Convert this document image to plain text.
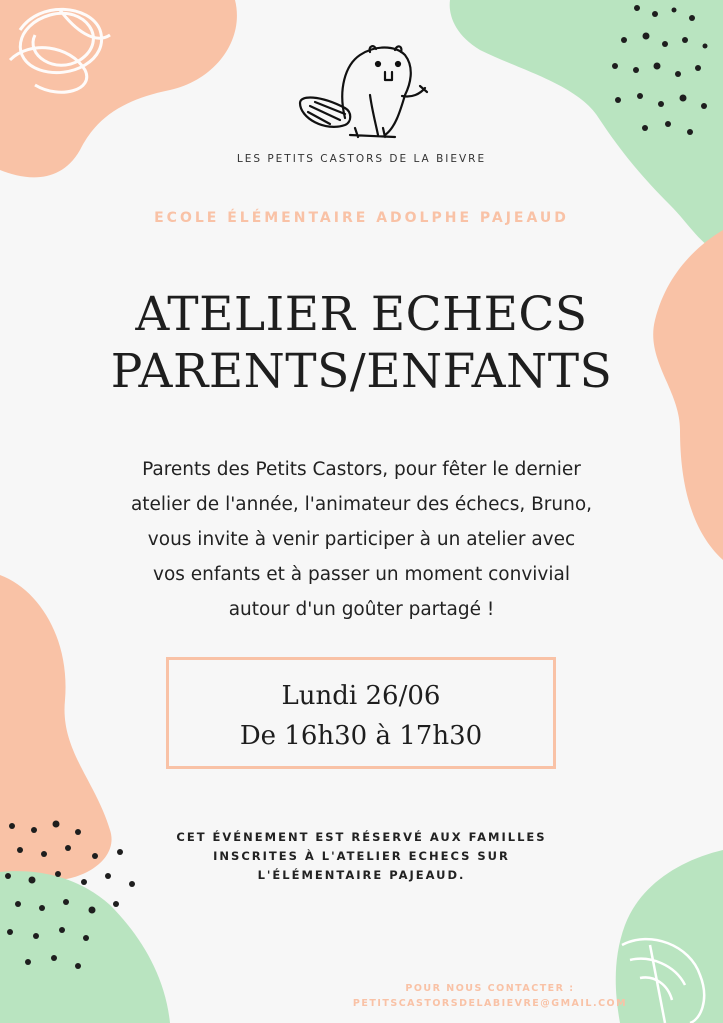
LES PETITS CASTORS DE LA BIEVRE

ECOLE ÉLÉMENTAIRE ADOLPHE PAJEAUD

ATELIER ECHECS
PARENTS/ENFANTS
Parents des Petits Castors, pour fêter le dernier
atelier de l'année, l'animateur des échecs, Bruno,
vous invite à venir participer à un atelier avec
vos enfants et à passer un moment convivial
autour d'un goûter partagé !
Lundi 26/06
De 16h30 à 17h30
CET ÉVÉNEMENT EST RÉSERVÉ AUX FAMILLES
INSCRITES À L'ATELIER ECHECS SUR
L'ÉLÉMENTAIRE PAJEAUD.
POUR NOUS CONTACTER :
PETITSCASTORSDELABIEVRE@GMAIL.COM
